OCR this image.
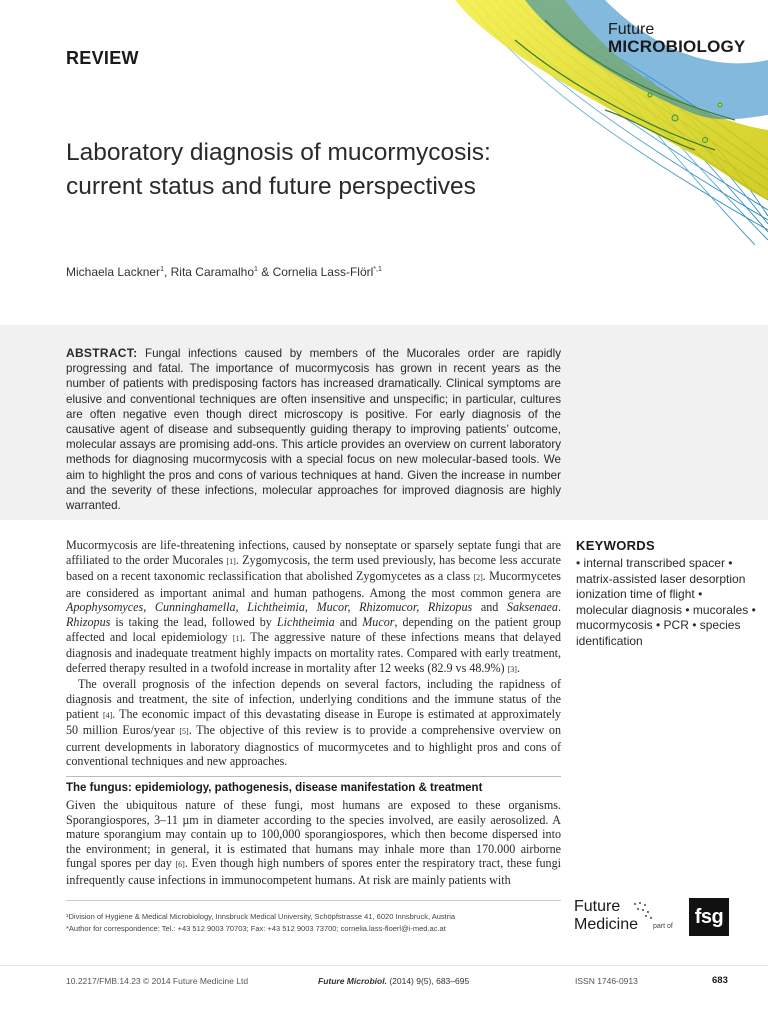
Future
MICROBIOLOGY
REVIEW
Laboratory diagnosis of mucormycosis:
current status and future perspectives
Michaela Lackner$^1$, Rita Caramalho$^1$ & Cornelia Lass-Flörl$^{*,1}$
ABSTRACT: Fungal infections caused by members of the Mucorales order are rapidly progressing and fatal. The importance of mucormycosis has grown in recent years as the number of patients with predisposing factors has increased dramatically. Clinical symptoms are elusive and conventional techniques are often insensitive and unspecific; in particular, cultures are often negative even though direct microscopy is positive. For early diagnosis of the causative agent of disease and subsequently guiding therapy to improving patients’ outcome, molecular assays are promising add-ons. This article provides an overview on current laboratory methods for diagnosing mucormycosis with a special focus on new molecular-based tools. We aim to highlight the pros and cons of various techniques at hand. Given the increase in number and the severity of these infections, molecular approaches for improved diagnosis are highly warranted.

Mucormycosis are life-threatening infections, caused by nonseptate or sparsely septate fungi that are affiliated to the order Mucorales [1]. Zygomycosis, the term used previously, has become less accurate based on a recent taxonomic reclassification that abolished Zygomycetes as a class [2]. Mucormycetes are considered as important animal and human pathogens. Among the most common genera are Apophysomyces, Cunninghamella, Lichtheimia, Mucor, Rhizomucor, Rhizopus and Saksenaea. Rhizopus is taking the lead, followed by Lichtheimia and Mucor, depending on the patient group affected and local epidemiology [1]. The aggressive nature of these infections means that delayed diagnosis and inadequate treatment highly impacts on mortality rates. Compared with early treatment, deferred therapy resulted in a twofold increase in mortality after 12 weeks (82.9 vs 48.9%) [3].

The overall prognosis of the infection depends on several factors, including the rapidness of diagnosis and treatment, the site of infection, underlying conditions and the immune status of the patient [4]. The economic impact of this devastating disease in Europe is estimated at approximately 50 million Euros/year [5]. The objective of this review is to provide a comprehensive overview on current developments in laboratory diagnostics of mucormycetes and to highlight pros and cons of conventional techniques and new approaches.

The fungus: epidemiology, pathogenesis, disease manifestation & treatment

Given the ubiquitous nature of these fungi, most humans are exposed to these organisms. Sporangiospores, 3–11 µm in diameter according to the species involved, are easily aerosolized. A mature sporangium may contain up to 100,000 sporangiospores, which then become dispersed into the environment; in general, it is estimated that humans may inhale more than 170.000 airborne fungal spores per day [6]. Even though high numbers of spores enter the respiratory tract, these fungi infrequently cause infections in immunocompetent humans. At risk are mainly patients with

KEYWORDS
• internal transcribed spacer • matrix-assisted laser desorption ionization time of flight • molecular diagnosis • mucorales • mucormycosis • PCR • species identification
¹Division of Hygiene & Medical Microbiology, Innsbruck Medical University, Schöpfstrasse 41, 6020 Innsbruck, Austria
*Author for correspondence: Tel.: +43 512 9003 70703; Fax: +43 512 9003 73700; cornelia.lass-floerl@i-med.ac.at
Future
Medicine part of fsg
10.2217/FMB.14.23 © 2014 Future Medicine Ltd	Future Microbiol. (2014) 9(5), 683–695	ISSN 1746-0913	683
